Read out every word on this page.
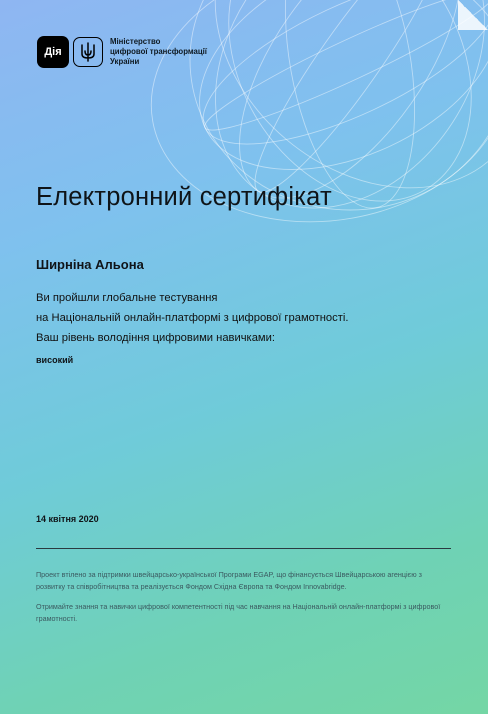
Дія
Міністерство
цифрової трансформації
України
Електронний сертифікат
Ширніна Альона
Ви пройшли глобальне тестування
на Національній онлайн-платформі з цифрової грамотності.
Ваш рівень володіння цифровими навичками:
високий
14 квітня 2020

Проект втілено за підтримки швейцарсько-української Програми EGAP, що фінансується Швейцарською агенцією з розвитку та співробітництва та реалізується Фондом Східна Європа та Фондом Innovabridge.

Отримайте знання та навички цифрової компетентності під час навчання на Національній онлайн-платформі з цифрової грамотності.
